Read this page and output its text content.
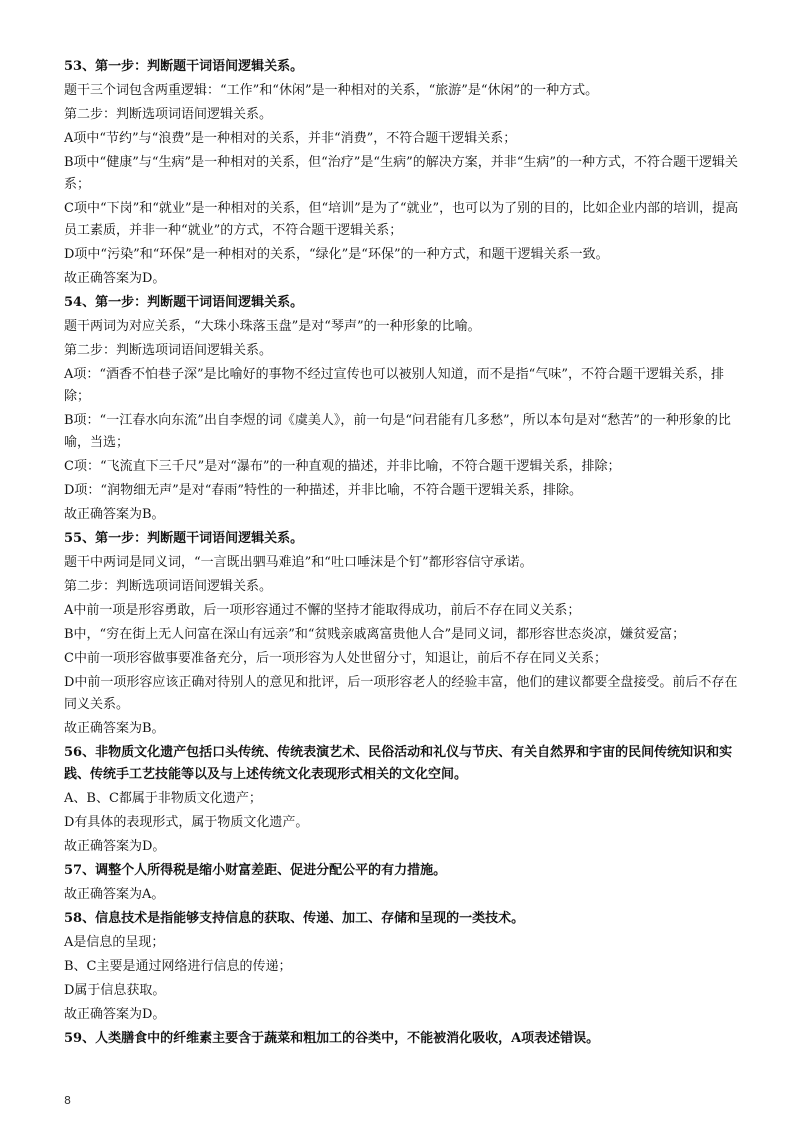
53、第一步：判断题干词语间逻辑关系。

题干三个词包含两重逻辑：“工作”和“休闲”是一种相对的关系，“旅游”是“休闲”的一种方式。

第二步：判断选项词语间逻辑关系。

A项中“节约”与“浪费”是一种相对的关系，并非“消费”，不符合题干逻辑关系；

B项中“健康”与“生病”是一种相对的关系，但“治疗”是“生病”的解决方案，并非“生病”的一种方式，不符合题干逻辑关系；

C项中“下岗”和“就业”是一种相对的关系，但“培训”是为了“就业”，也可以为了别的目的，比如企业内部的培训，提高员工素质，并非一种“就业”的方式，不符合题干逻辑关系；

D项中“污染”和“环保”是一种相对的关系，“绿化”是“环保”的一种方式，和题干逻辑关系一致。

故正确答案为D。

54、第一步：判断题干词语间逻辑关系。

题干两词为对应关系，“大珠小珠落玉盘”是对“琴声”的一种形象的比喻。

第二步：判断选项词语间逻辑关系。

A项：“酒香不怕巷子深”是比喻好的事物不经过宣传也可以被别人知道，而不是指“气味”，不符合题干逻辑关系，排除；

B项：“一江春水向东流”出自李煜的词《虞美人》，前一句是“问君能有几多愁”，所以本句是对“愁苦”的一种形象的比喻，当选；

C项：“飞流直下三千尺”是对“瀑布”的一种直观的描述，并非比喻，不符合题干逻辑关系，排除；

D项：“润物细无声”是对“春雨”特性的一种描述，并非比喻，不符合题干逻辑关系，排除。

故正确答案为B。

55、第一步：判断题干词语间逻辑关系。

题干中两词是同义词，“一言既出驷马难追”和“吐口唾沫是个钉”都形容信守承诺。

第二步：判断选项词语间逻辑关系。

A中前一项是形容勇敢，后一项形容通过不懈的坚持才能取得成功，前后不存在同义关系；

B中，“穷在街上无人问富在深山有远亲”和“贫贱亲戚离富贵他人合”是同义词，都形容世态炎凉，嫌贫爱富；

C中前一项形容做事要准备充分，后一项形容为人处世留分寸，知退让，前后不存在同义关系；

D中前一项形容应该正确对待别人的意见和批评，后一项形容老人的经验丰富，他们的建议都要全盘接受。前后不存在同义关系。

故正确答案为B。

56、非物质文化遗产包括口头传统、传统表演艺术、民俗活动和礼仪与节庆、有关自然界和宇宙的民间传统知识和实践、传统手工艺技能等以及与上述传统文化表现形式相关的文化空间。

A、B、C都属于非物质文化遗产；

D有具体的表现形式，属于物质文化遗产。

故正确答案为D。

57、调整个人所得税是缩小财富差距、促进分配公平的有力措施。

故正确答案为A。

58、信息技术是指能够支持信息的获取、传递、加工、存储和呈现的一类技术。

A是信息的呈现；

B、C主要是通过网络进行信息的传递；

D属于信息获取。

故正确答案为D。

59、人类膳食中的纤维素主要含于蔬菜和粗加工的谷类中，不能被消化吸收，A项表述错误。

8
